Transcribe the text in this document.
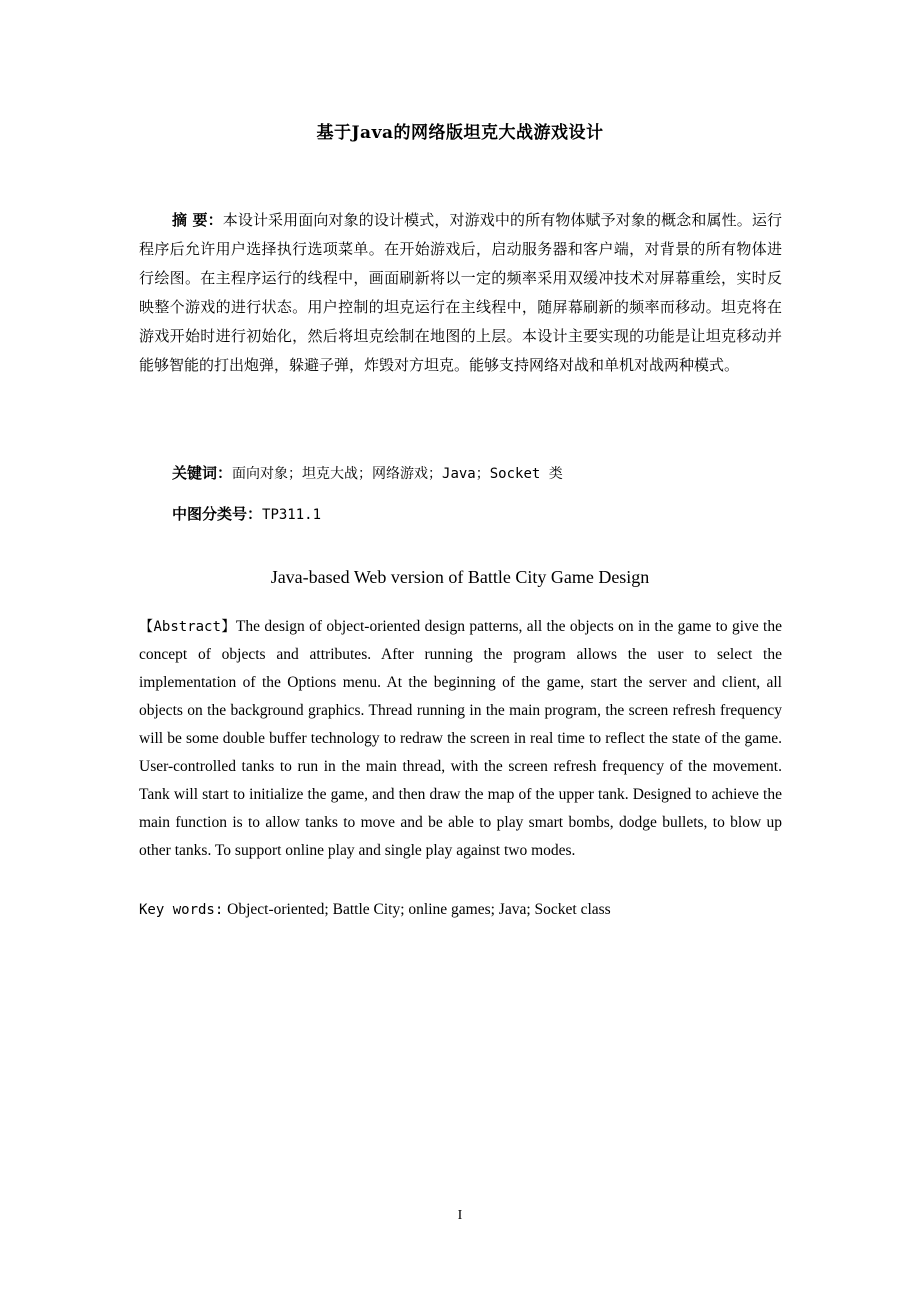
基于Java的网络版坦克大战游戏设计

摘 要：本设计采用面向对象的设计模式，对游戏中的所有物体赋予对象的概念和属性。运行程序后允许用户选择执行选项菜单。在开始游戏后，启动服务器和客户端，对背景的所有物体进行绘图。在主程序运行的线程中，画面刷新将以一定的频率采用双缓冲技术对屏幕重绘，实时反映整个游戏的进行状态。用户控制的坦克运行在主线程中，随屏幕刷新的频率而移动。坦克将在游戏开始时进行初始化，然后将坦克绘制在地图的上层。本设计主要实现的功能是让坦克移动并能够智能的打出炮弹，躲避子弹，炸毁对方坦克。能够支持网络对战和单机对战两种模式。

关键词：面向对象；坦克大战；网络游戏；Java；Socket 类

中图分类号：TP311.1

Java-based Web version of Battle City Game Design

【Abstract】The design of object-oriented design patterns, all the objects on in the game to give the concept of objects and attributes. After running the program allows the user to select the implementation of the Options menu. At the beginning of the game, start the server and client, all objects on the background graphics. Thread running in the main program, the screen refresh frequency will be some double buffer technology to redraw the screen in real time to reflect the state of the game. User-controlled tanks to run in the main thread, with the screen refresh frequency of the movement. Tank will start to initialize the game, and then draw the map of the upper tank. Designed to achieve the main function is to allow tanks to move and be able to play smart bombs, dodge bullets, to blow up other tanks. To support online play and single play against two modes.

Key words: Object-oriented; Battle City; online games; Java; Socket class

I
